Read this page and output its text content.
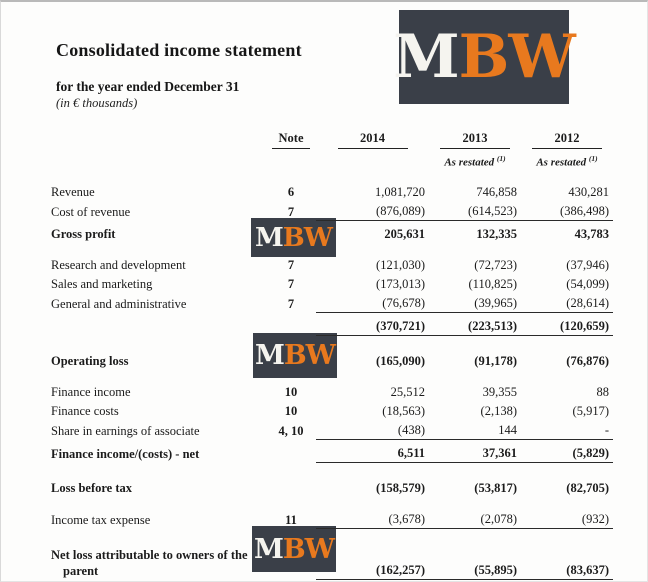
Consolidated income statement

for the year ended December 31

(in € thousands)

M BW
M BW
M BW
M BW
	Note	2014	2013	2012
			As restated $^{(1)}$	As restated $^{(1)}$

Revenue	6	1,081,720	746,858	430,281
Cost of revenue	7	(876,089)	(614,523)	(386,498)
Gross profit		205,631	132,335	43,783

Research and development	7	(121,030)	(72,723)	(37,946)
Sales and marketing	7	(173,013)	(110,825)	(54,099)
General and administrative	7	(76,678)	(39,965)	(28,614)
		(370,721)	(223,513)	(120,659)

Operating loss		(165,090)	(91,178)	(76,876)

Finance income	10	25,512	39,355	88
Finance costs	10	(18,563)	(2,138)	(5,917)
Share in earnings of associate	4, 10	(438)	144	-
Finance income/(costs) - net		6,511	37,361	(5,829)

Loss before tax		(158,579)	(53,817)	(82,705)

Income tax expense	11	(3,678)	(2,078)	(932)

Net loss attributable to owners of the parent		(162,257)	(55,895)	(83,637)
